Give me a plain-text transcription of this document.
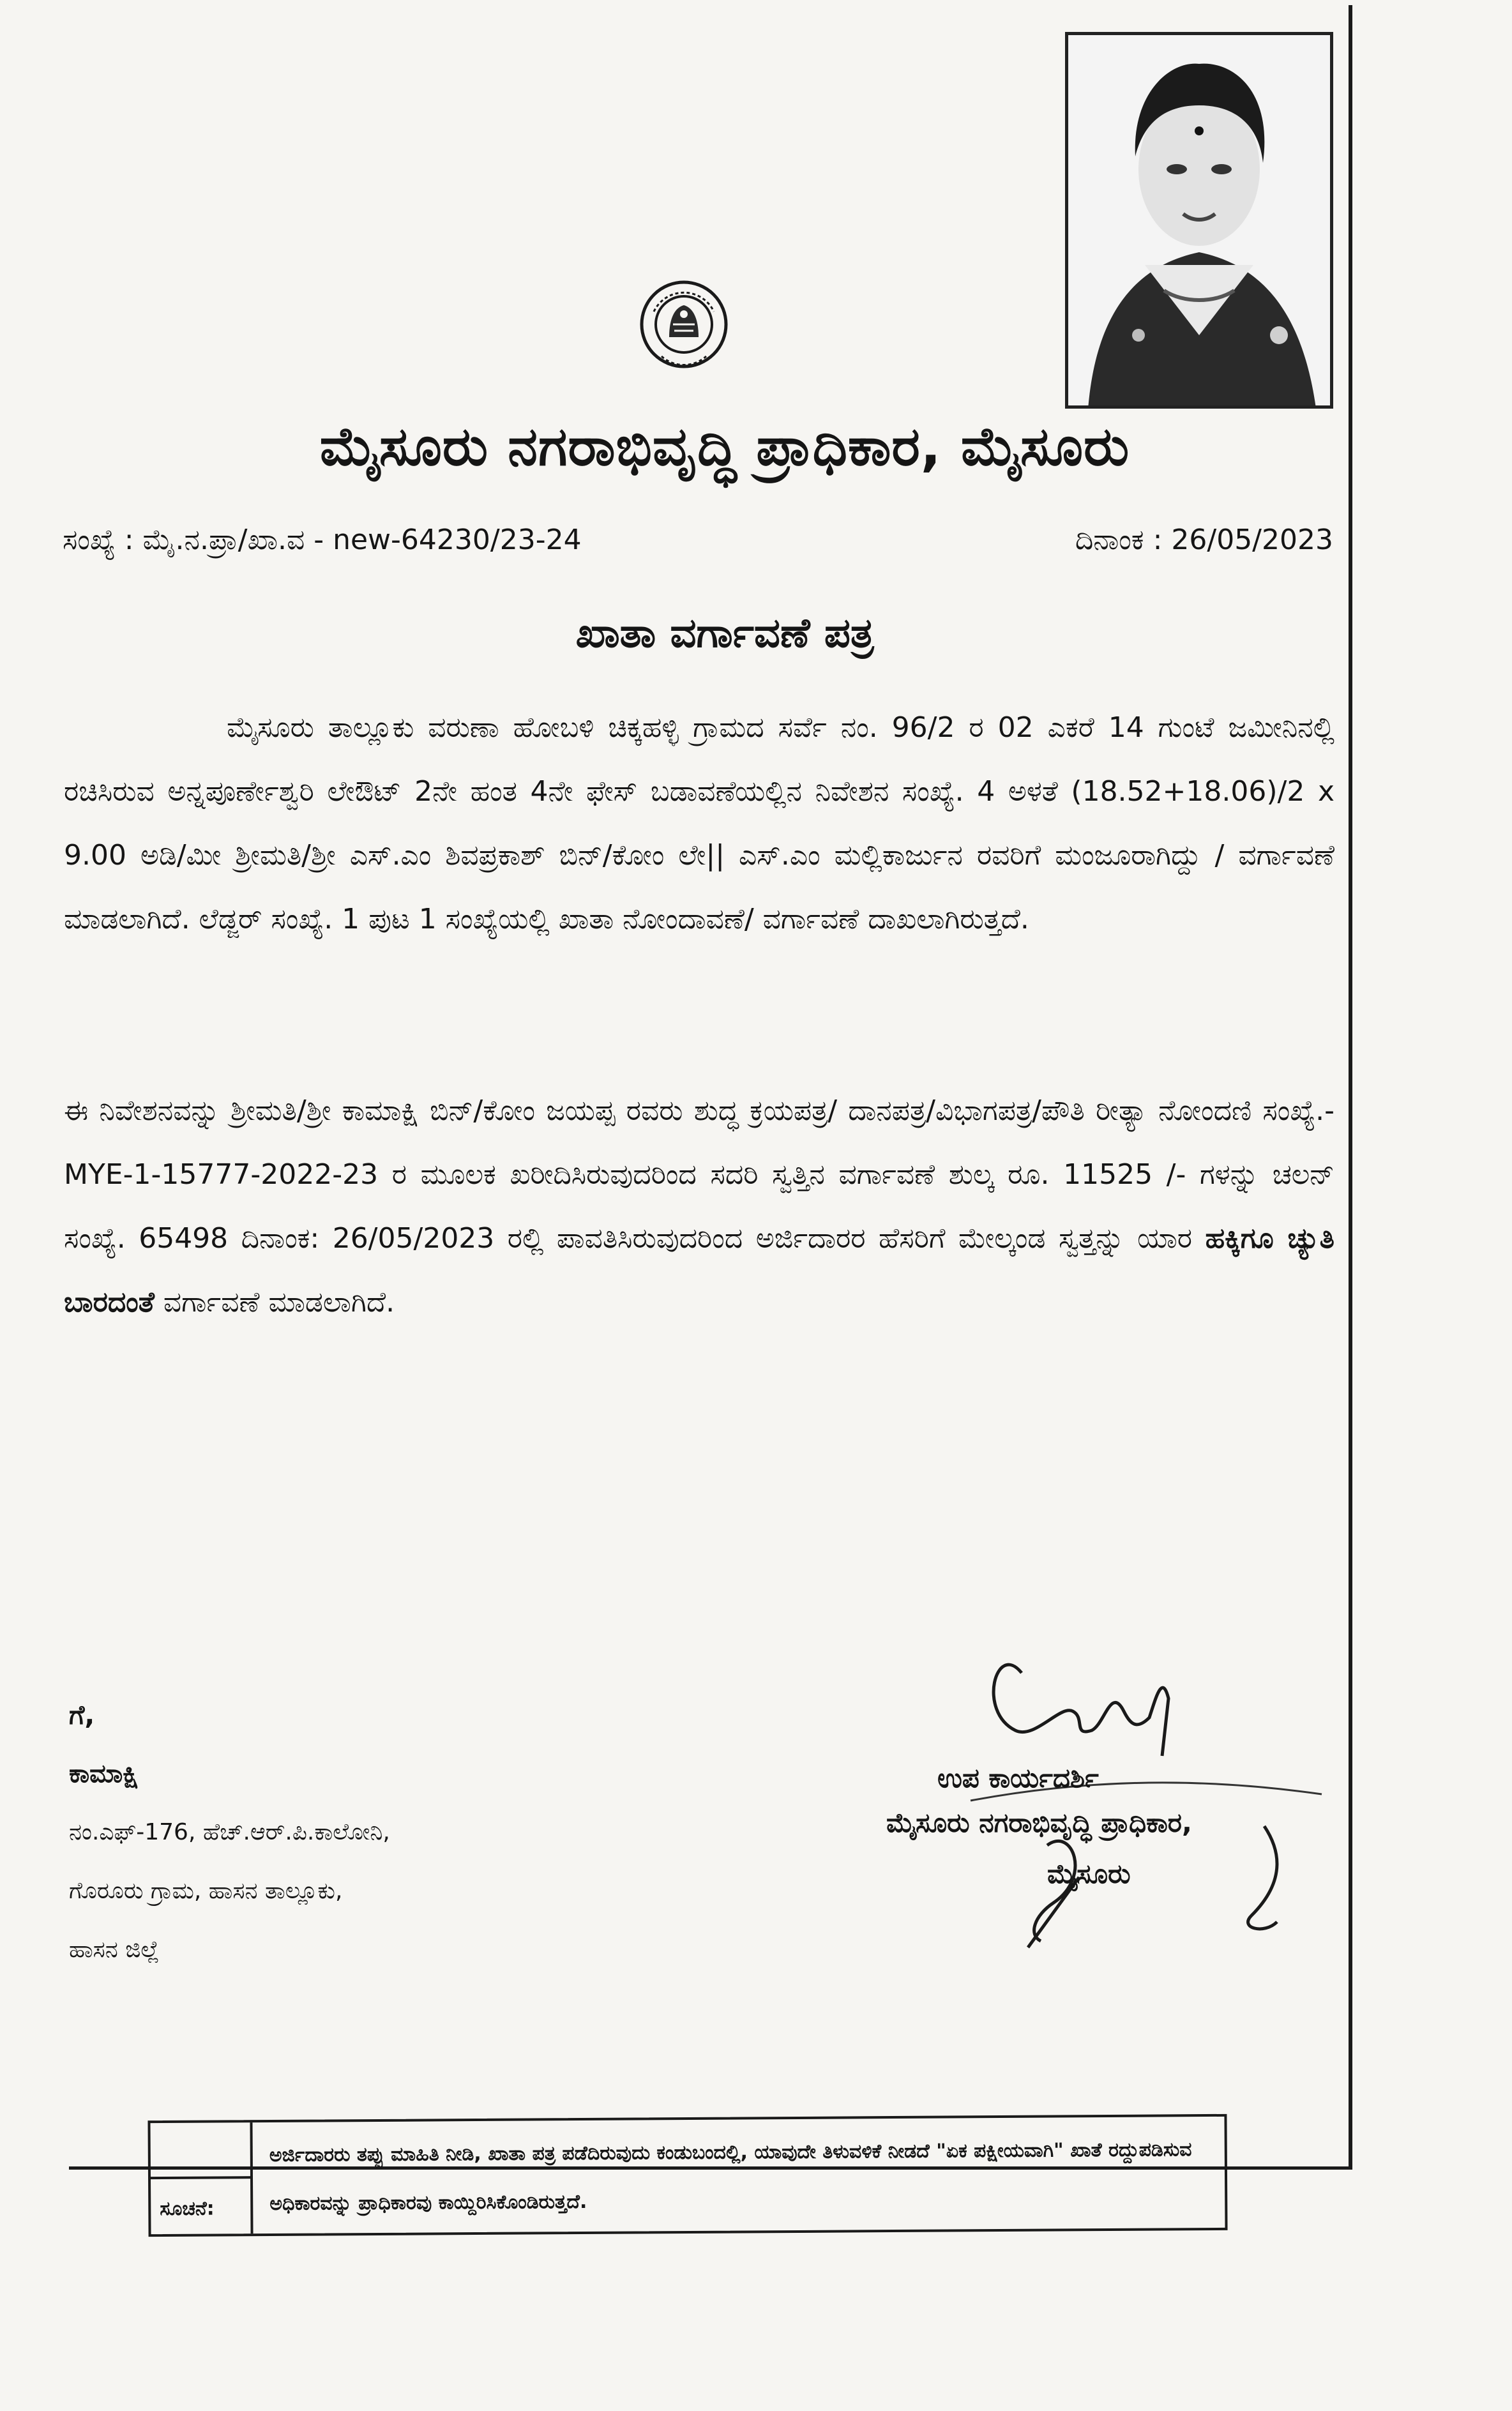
ಮೈಸೂರು ನಗರಾಭಿವೃದ್ಧಿ ಪ್ರಾಧಿಕಾರ, ಮೈಸೂರು
ಸಂಖ್ಯೆ : ಮೈ.ನ.ಪ್ರಾ/ಖಾ.ವ - new-64230/23-24	ದಿನಾಂಕ : 26/05/2023
ಖಾತಾ ವರ್ಗಾವಣೆ ಪತ್ರ
ಮೈಸೂರು ತಾಲ್ಲೂಕು ವರುಣಾ ಹೋಬಳಿ ಚಿಕ್ಕಹಳ್ಳಿ ಗ್ರಾಮದ ಸರ್ವೆ ನಂ. 96/2 ರ 02 ಎಕರೆ 14 ಗುಂಟೆ ಜಮೀನಿನಲ್ಲಿ ರಚಿಸಿರುವ ಅನ್ನಪೂರ್ಣೇಶ್ವರಿ ಲೇಔಟ್ 2ನೇ ಹಂತ 4ನೇ ಫೇಸ್ ಬಡಾವಣೆಯಲ್ಲಿನ ನಿವೇಶನ ಸಂಖ್ಯೆ. 4 ಅಳತೆ (18.52+18.06)/2 x 9.00 ಅಡಿ/ಮೀ ಶ್ರೀಮತಿ/ಶ್ರೀ ಎಸ್.ಎಂ ಶಿವಪ್ರಕಾಶ್ ಬಿನ್/ಕೋಂ ಲೇ|| ಎಸ್.ಎಂ ಮಲ್ಲಿಕಾರ್ಜುನ ರವರಿಗೆ ಮಂಜೂರಾಗಿದ್ದು / ವರ್ಗಾವಣೆ ಮಾಡಲಾಗಿದೆ. ಲೆಡ್ಜರ್ ಸಂಖ್ಯೆ. 1 ಪುಟ 1 ಸಂಖ್ಯೆಯಲ್ಲಿ ಖಾತಾ ನೋಂದಾವಣೆ/ ವರ್ಗಾವಣೆ ದಾಖಲಾಗಿರುತ್ತದೆ.
ಈ ನಿವೇಶನವನ್ನು ಶ್ರೀಮತಿ/ಶ್ರೀ ಕಾಮಾಕ್ಷಿ ಬಿನ್/ಕೋಂ ಜಯಪ್ಪ ರವರು ಶುದ್ಧ ಕ್ರಯಪತ್ರ/ ದಾನಪತ್ರ/ವಿಭಾಗಪತ್ರ/ಪೌತಿ ರೀತ್ಯಾ ನೋಂದಣಿ ಸಂಖ್ಯೆ.- MYE-1-15777-2022-23 ರ ಮೂಲಕ ಖರೀದಿಸಿರುವುದರಿಂದ ಸದರಿ ಸ್ವತ್ತಿನ ವರ್ಗಾವಣೆ ಶುಲ್ಕ ರೂ. 11525 /- ಗಳನ್ನು ಚಲನ್ ಸಂಖ್ಯೆ. 65498 ದಿನಾಂಕ: 26/05/2023 ರಲ್ಲಿ ಪಾವತಿಸಿರುವುದರಿಂದ ಅರ್ಜಿದಾರರ ಹೆಸರಿಗೆ ಮೇಲ್ಕಂಡ ಸ್ವತ್ತನ್ನು ಯಾರ ಹಕ್ಕಿಗೂ ಚ್ಯುತಿ ಬಾರದಂತೆ ವರ್ಗಾವಣೆ ಮಾಡಲಾಗಿದೆ.
ಗೆ,
ಕಾಮಾಕ್ಷಿ
ನಂ.ಎಫ್-176, ಹೆಚ್.ಆರ್.ಪಿ.ಕಾಲೋನಿ,
ಗೊರೂರು ಗ್ರಾಮ, ಹಾಸನ ತಾಲ್ಲೂಕು,
ಹಾಸನ ಜಿಲ್ಲೆ
ಉಪ ಕಾರ್ಯದರ್ಶಿ
ಮೈಸೂರು ನಗರಾಭಿವೃದ್ಧಿ ಪ್ರಾಧಿಕಾರ,
ಮೈಸೂರು
ಸೂಚನೆ:
ಅರ್ಜಿದಾರರು ತಪ್ಪು ಮಾಹಿತಿ ನೀಡಿ, ಖಾತಾ ಪತ್ರ ಪಡೆದಿರುವುದು ಕಂಡುಬಂದಲ್ಲಿ, ಯಾವುದೇ ತಿಳುವಳಿಕೆ ನೀಡದೆ "ಏಕ ಪಕ್ಷೀಯವಾಗಿ" ಖಾತೆ ರದ್ದುಪಡಿಸುವ ಅಧಿಕಾರವನ್ನು ಪ್ರಾಧಿಕಾರವು ಕಾಯ್ದಿರಿಸಿಕೊಂಡಿರುತ್ತದೆ.
